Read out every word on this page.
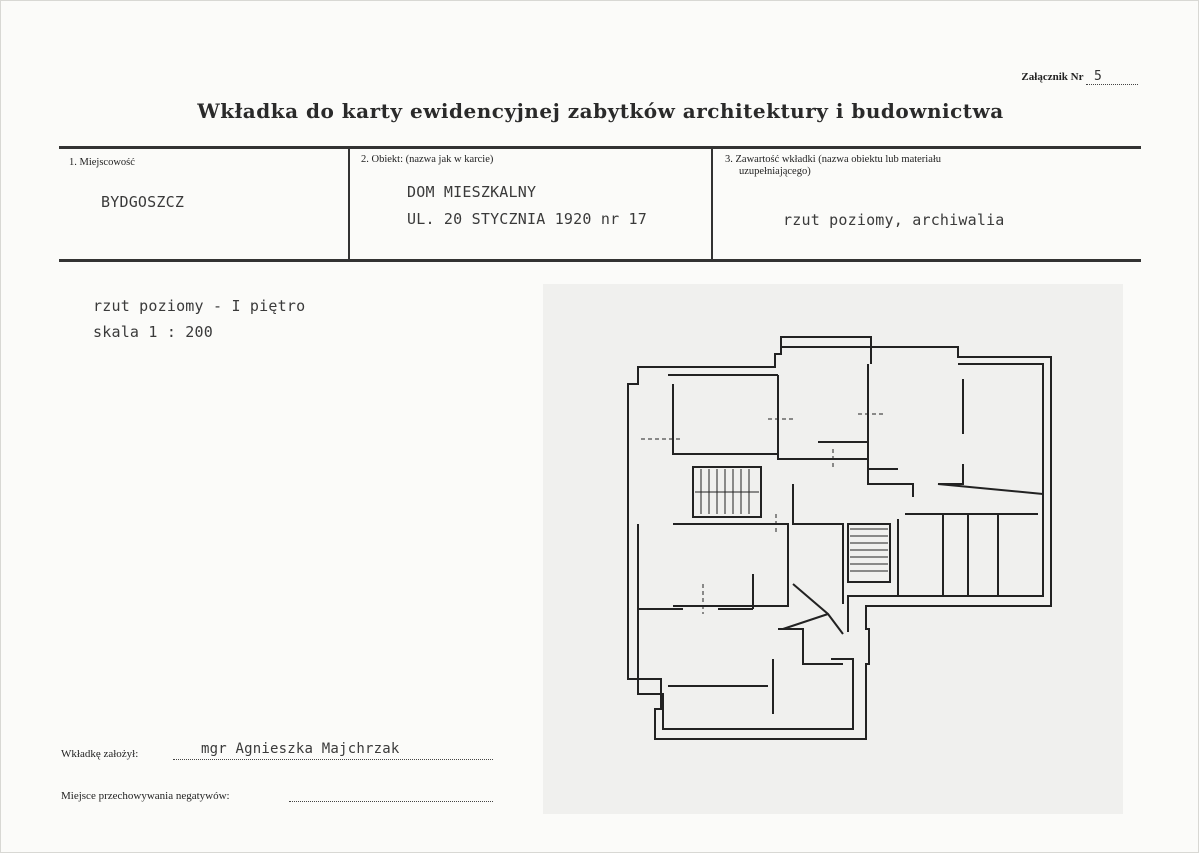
Załącznik Nr 5
Wkładka do karty ewidencyjnej zabytków architektury i budownictwa
1. Miejscowość
BYDGOSZCZ
2. Obiekt: (nazwa jak w karcie)
DOM MIESZKALNY
UL. 20 STYCZNIA 1920 nr 17
3. Zawartość wkładki (nazwa obiektu lub materiału
uzupełniającego)
rzut poziomy, archiwalia
rzut poziomy - I piętro
skala 1 : 200
Wkładkę założył:	mgr Agnieszka Majchrzak
Miejsce przechowywania negatywów:
